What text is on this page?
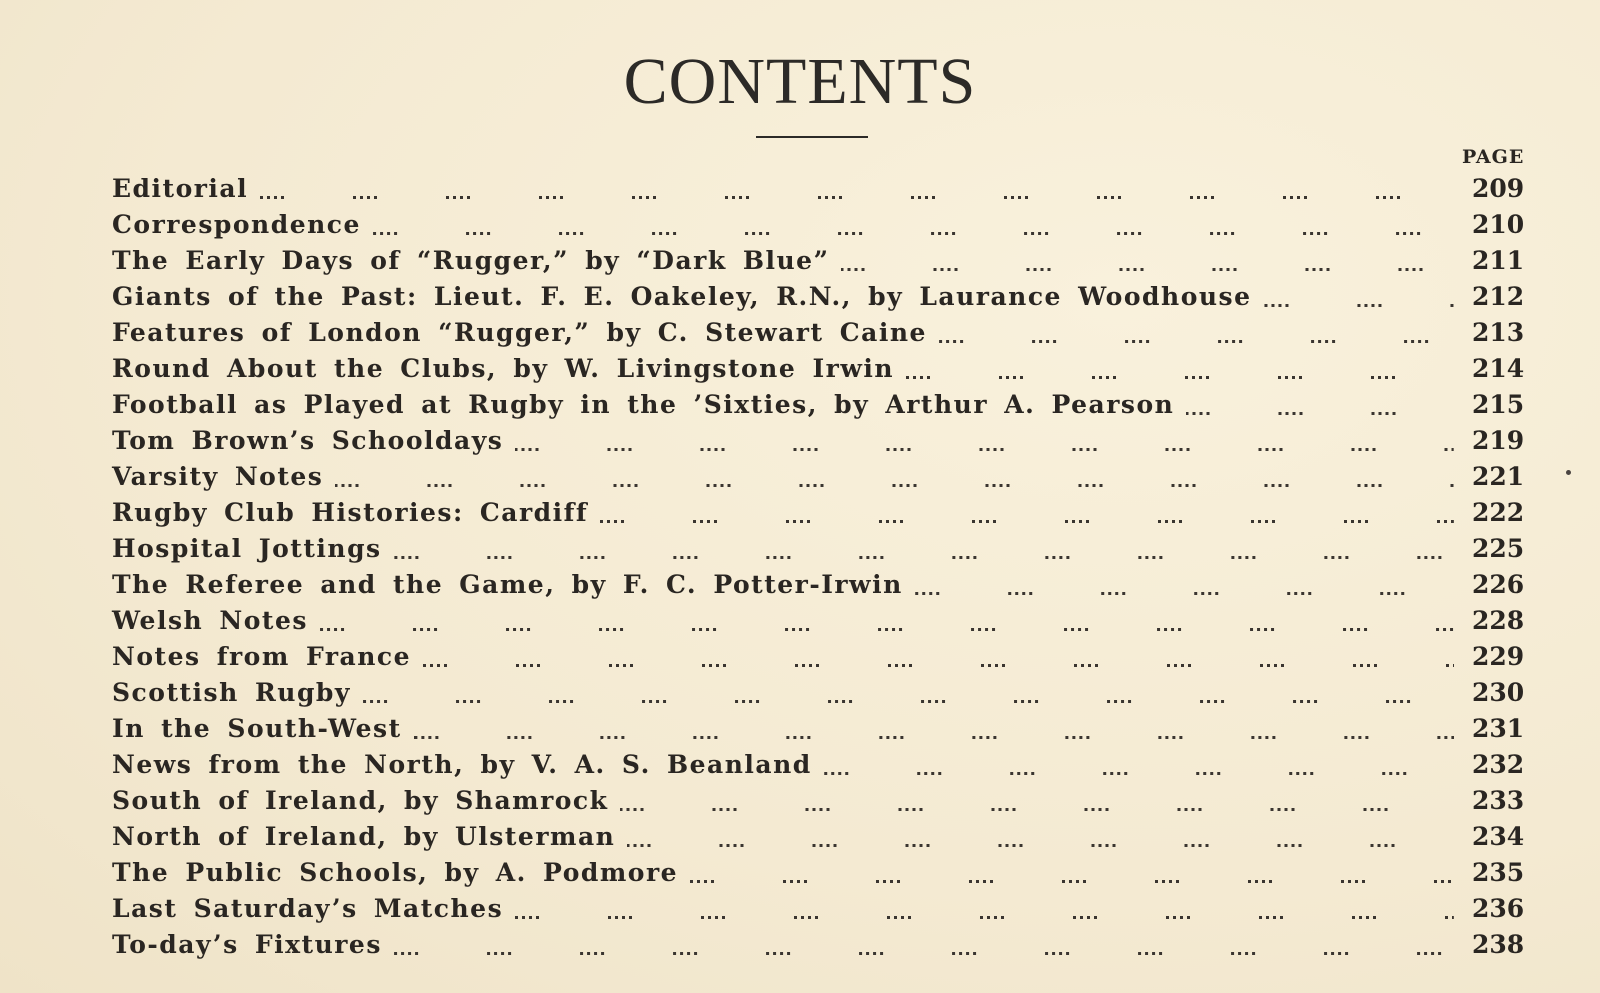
CONTENTS
PAGE
Editorial	209
Correspondence	210
The Early Days of “Rugger,” by “Dark Blue”	211
Giants of the Past: Lieut. F. E. Oakeley, R.N., by Laurance Woodhouse	212
Features of London “Rugger,” by C. Stewart Caine	213
Round About the Clubs, by W. Livingstone Irwin	214
Football as Played at Rugby in the ’Sixties, by Arthur A. Pearson	215
Tom Brown’s Schooldays	219
Varsity Notes	221
Rugby Club Histories: Cardiff	222
Hospital Jottings	225
The Referee and the Game, by F. C. Potter-Irwin	226
Welsh Notes	228
Notes from France	229
Scottish Rugby	230
In the South-West	231
News from the North, by V. A. S. Beanland	232
South of Ireland, by Shamrock	233
North of Ireland, by Ulsterman	234
The Public Schools, by A. Podmore	235
Last Saturday’s Matches	236
To-day’s Fixtures	238
